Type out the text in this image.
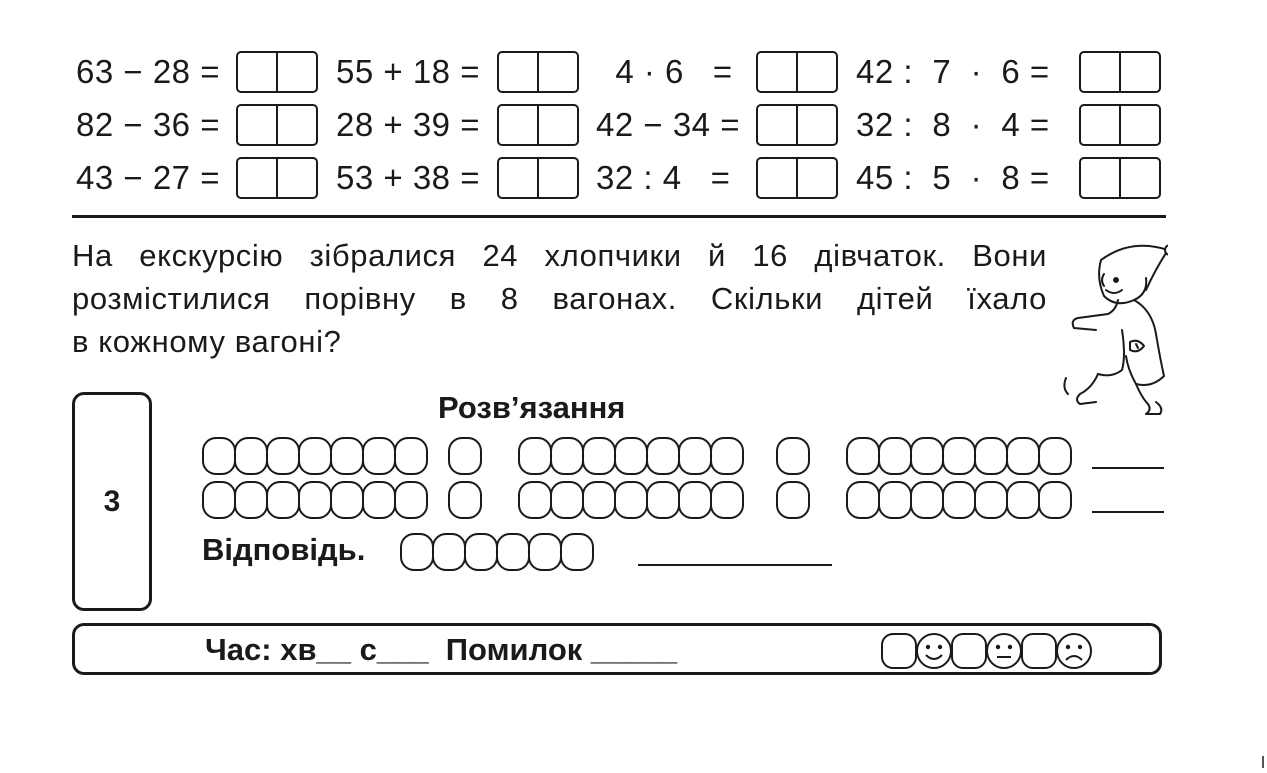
63 − 28 =	55 + 18 =	4 · 6   =	42 :  7  ·  6 =
82 − 36 =	28 + 39 =	42 − 34 =	32 :  8  ·  4 =
43 − 27 =	53 + 38 =	32 : 4   =	45 :  5  ·  8 =
На екскурсію зібралися 24 хлопчики й 16 дівчаток. Вони
розмістилися порівну в 8 вагонах. Скільки дітей їхало
в кожному вагоні?
3
Розв’язання
Відповідь.
Час: хв__ с___  Помилок _____
